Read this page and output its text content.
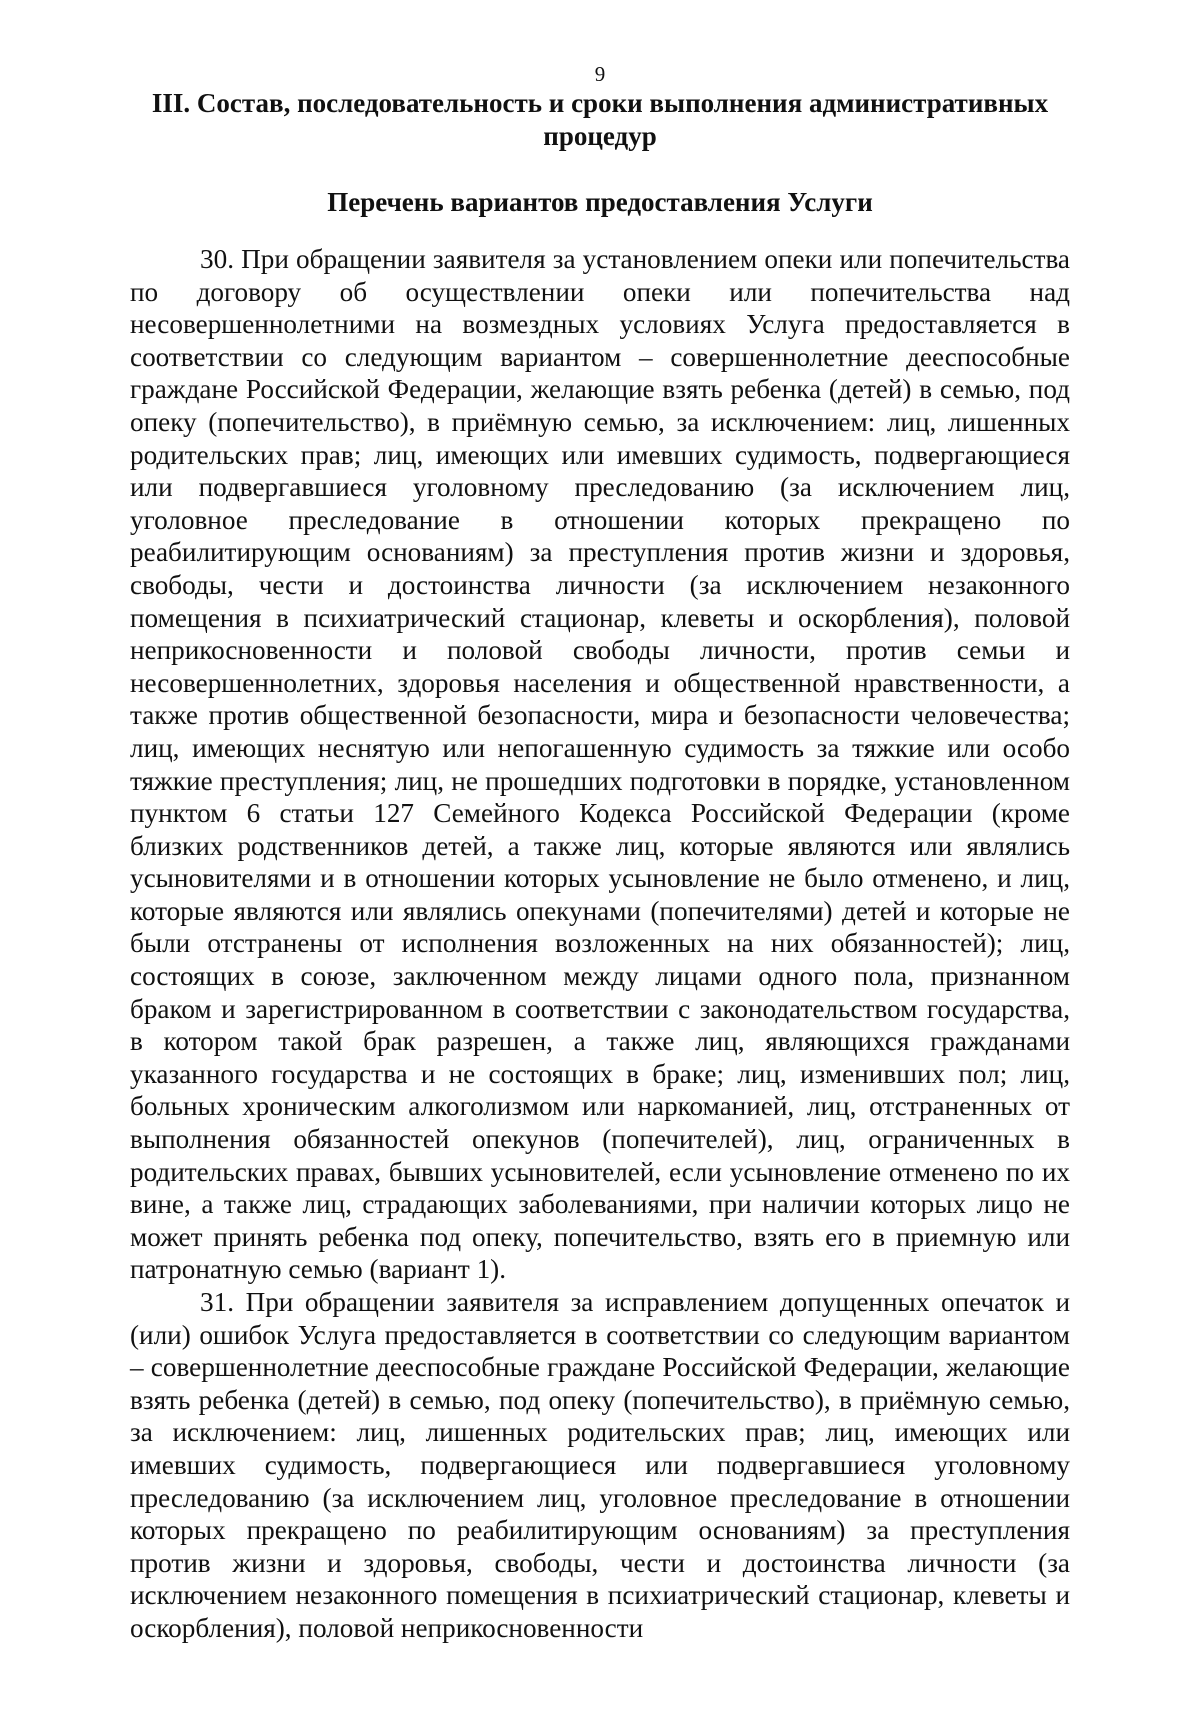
9
III. Состав, последовательность и сроки выполнения административных процедур
Перечень вариантов предоставления Услуги

30. При обращении заявителя за установлением опеки или попечительства по договору об осуществлении опеки или попечительства над несовершеннолетними на возмездных условиях Услуга предоставляется в соответствии со следующим вариантом – совершеннолетние дееспособные граждане Российской Федерации, желающие взять ребенка (детей) в семью, под опеку (попечительство), в приёмную семью, за исключением: лиц, лишенных родительских прав; лиц, имеющих или имевших судимость, подвергающиеся или подвергавшиеся уголовному преследованию (за исключением лиц, уголовное преследование в отношении которых прекращено по реабилитирующим основаниям) за преступления против жизни и здоровья, свободы, чести и достоинства личности (за исключением незаконного помещения в психиатрический стационар, клеветы и оскорбления), половой неприкосновенности и половой свободы личности, против семьи и несовершеннолетних, здоровья населения и общественной нравственности, а также против общественной безопасности, мира и безопасности человечества; лиц, имеющих неснятую или непогашенную судимость за тяжкие или особо тяжкие преступления; лиц, не прошедших подготовки в порядке, установленном пунктом 6 статьи 127 Семейного Кодекса Российской Федерации (кроме близких родственников детей, а также лиц, которые являются или являлись усыновителями и в отношении которых усыновление не было отменено, и лиц, которые являются или являлись опекунами (попечителями) детей и которые не были отстранены от исполнения возложенных на них обязанностей); лиц, состоящих в союзе, заключенном между лицами одного пола, признанном браком и зарегистрированном в соответствии с законодательством государства, в котором такой брак разрешен, а также лиц, являющихся гражданами указанного государства и не состоящих в браке; лиц, изменивших пол; лиц, больных хроническим алкоголизмом или наркоманией, лиц, отстраненных от выполнения обязанностей опекунов (попечителей), лиц, ограниченных в родительских правах, бывших усыновителей, если усыновление отменено по их вине, а также лиц, страдающих заболеваниями, при наличии которых лицо не может принять ребенка под опеку, попечительство, взять его в приемную или патронатную семью (вариант 1).

31. При обращении заявителя за исправлением допущенных опечаток и (или) ошибок Услуга предоставляется в соответствии со следующим вариантом – совершеннолетние дееспособные граждане Российской Федерации, желающие взять ребенка (детей) в семью, под опеку (попечительство), в приёмную семью, за исключением: лиц, лишенных родительских прав; лиц, имеющих или имевших судимость, подвергающиеся или подвергавшиеся уголовному преследованию (за исключением лиц, уголовное преследование в отношении которых прекращено по реабилитирующим основаниям) за преступления против жизни и здоровья, свободы, чести и достоинства личности (за исключением незаконного помещения в психиатрический стационар, клеветы и оскорбления), половой неприкосновенности
